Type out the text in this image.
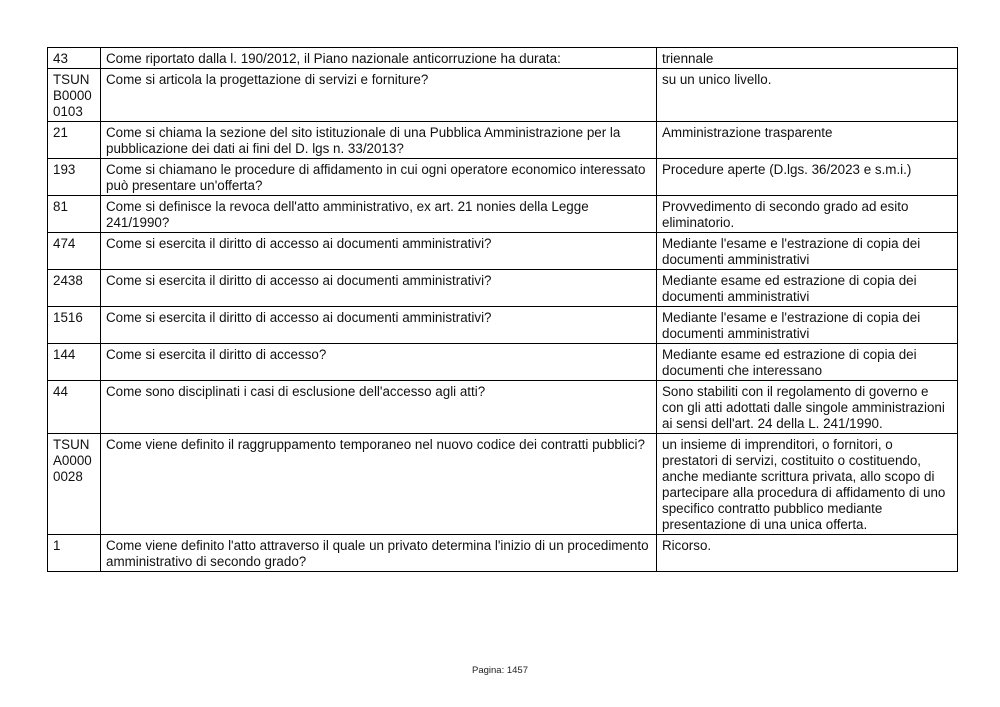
43	Come riportato dalla l. 190/2012, il Piano nazionale anticorruzione ha durata:	triennale
TSUNB00000103	Come si articola la progettazione di servizi e forniture?	su un unico livello.
21	Come si chiama la sezione del sito istituzionale di una Pubblica Amministrazione per la pubblicazione dei dati ai fini del D. lgs n. 33/2013?	Amministrazione trasparente
193	Come si chiamano le procedure di affidamento in cui ogni operatore economico interessato può presentare un'offerta?	Procedure aperte (D.lgs. 36/2023 e s.m.i.)
81	Come si definisce la revoca dell'atto amministrativo, ex art. 21 nonies della Legge 241/1990?	Provvedimento di secondo grado ad esito eliminatorio.
474	Come si esercita il diritto di accesso ai documenti amministrativi?	Mediante l'esame e l'estrazione di copia dei documenti amministrativi
2438	Come si esercita il diritto di accesso ai documenti amministrativi?	Mediante esame ed estrazione di copia dei documenti amministrativi
1516	Come si esercita il diritto di accesso ai documenti amministrativi?	Mediante l'esame e l'estrazione di copia dei documenti amministrativi
144	Come si esercita il diritto di accesso?	Mediante esame ed estrazione di copia dei documenti che interessano
44	Come sono disciplinati i casi di esclusione dell'accesso agli atti?	Sono stabiliti con il regolamento di governo e con gli atti adottati dalle singole amministrazioni ai sensi dell'art. 24 della L. 241/1990.
TSUNA00000028	Come viene definito il raggruppamento temporaneo nel nuovo codice dei contratti pubblici?	un insieme di imprenditori, o fornitori, o prestatori di servizi, costituito o costituendo, anche mediante scrittura privata, allo scopo di partecipare alla procedura di affidamento di uno specifico contratto pubblico mediante presentazione di una unica offerta.
1	Come viene definito l'atto attraverso il quale un privato determina l'inizio di un procedimento amministrativo di secondo grado?	Ricorso.
Pagina: 1457
